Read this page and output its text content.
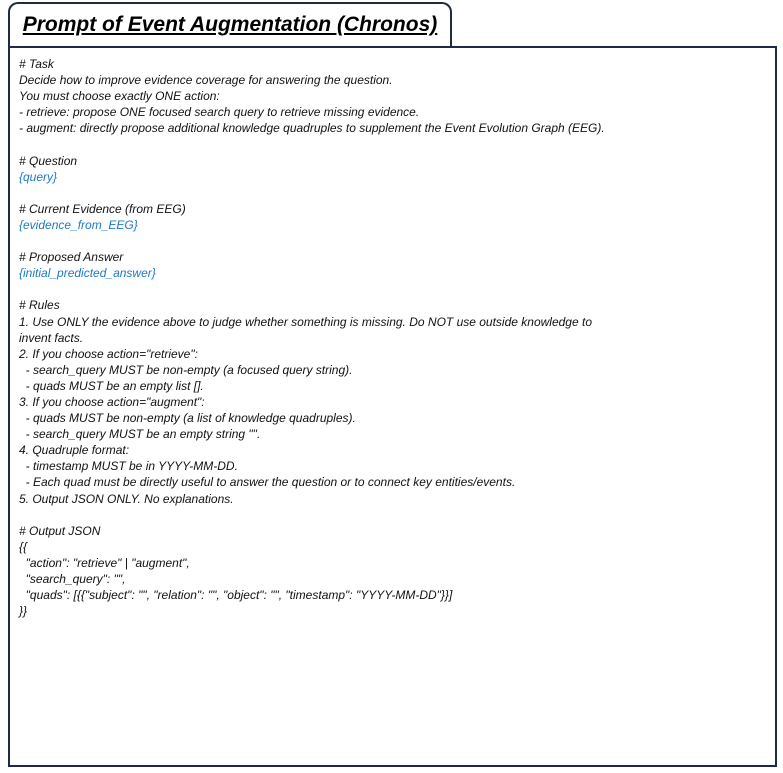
Prompt of Event Augmentation (Chronos)
# Task
Decide how to improve evidence coverage for answering the question.
You must choose exactly ONE action:
- retrieve: propose ONE focused search query to retrieve missing evidence.
- augment: directly propose additional knowledge quadruples to supplement the Event Evolution Graph (EEG).
# Question
{query}
# Current Evidence (from EEG)
{evidence_from_EEG}
# Proposed Answer
{initial_predicted_answer}
# Rules
1. Use ONLY the evidence above to judge whether something is missing. Do NOT use outside knowledge to
invent facts.
2. If you choose action="retrieve":
- search_query MUST be non-empty (a focused query string).
- quads MUST be an empty list [].
3. If you choose action="augment":
- quads MUST be non-empty (a list of knowledge quadruples).
- search_query MUST be an empty string "".
4. Quadruple format:
- timestamp MUST be in YYYY-MM-DD.
- Each quad must be directly useful to answer the question or to connect key entities/events.
5. Output JSON ONLY. No explanations.
# Output JSON
{{
"action": "retrieve" | "augment",
"search_query": "",
"quads": [{{"subject": "", "relation": "", "object": "", "timestamp": "YYYY-MM-DD"}}]
}}
